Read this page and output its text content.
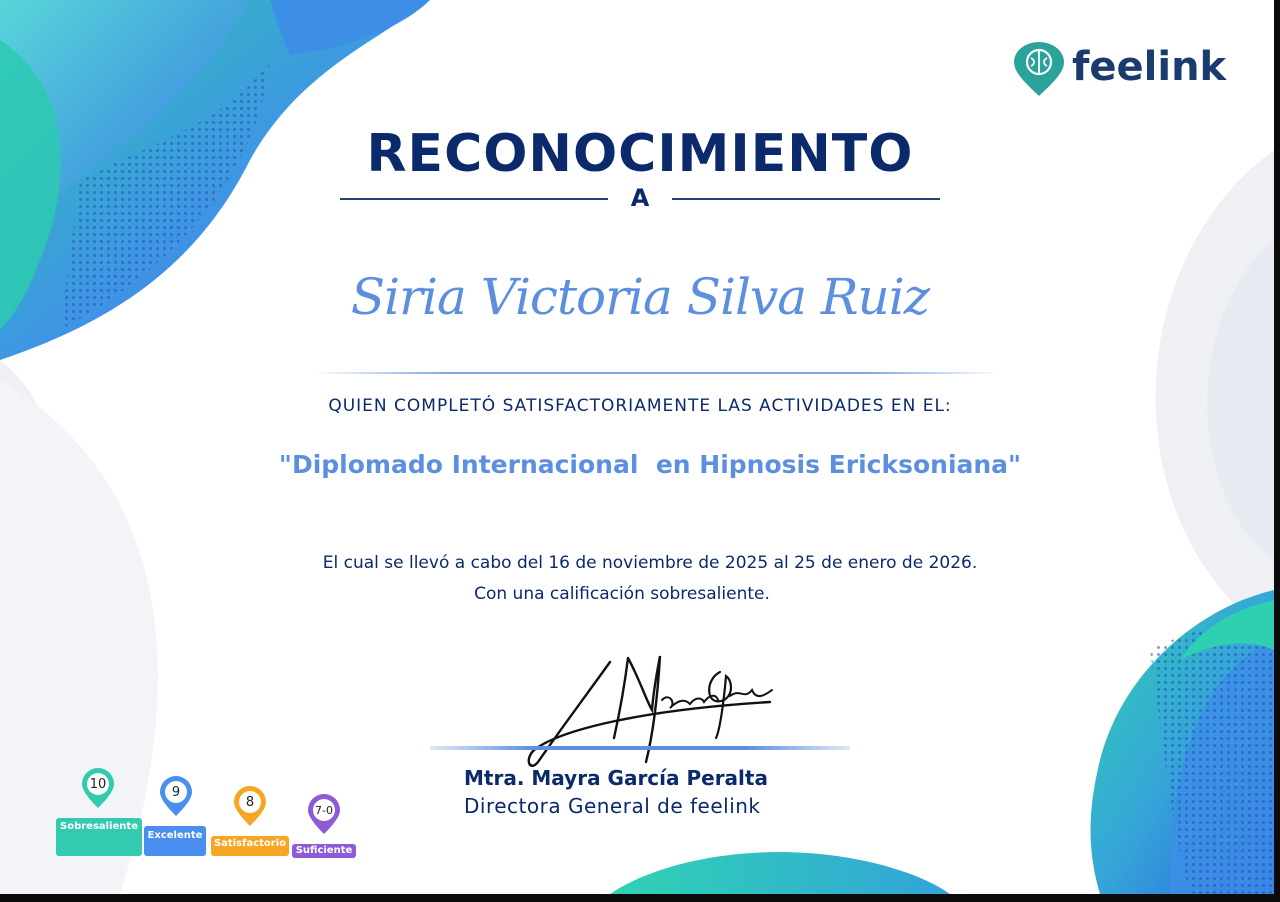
feelink
RECONOCIMIENTO
A
Siria Victoria Silva Ruiz
QUIEN COMPLETÓ SATISFACTORIAMENTE LAS ACTIVIDADES EN EL:
"Diplomado Internacional  en Hipnosis Ericksoniana"
El cual se llevó a cabo del 16 de noviembre de 2025 al 25 de enero de 2026.
Con una calificación sobresaliente.
Mtra. Mayra García Peralta
Directora General de feelink
10
Sobresaliente
9
Excelente
8
Satisfactorio
7-0
Suficiente
